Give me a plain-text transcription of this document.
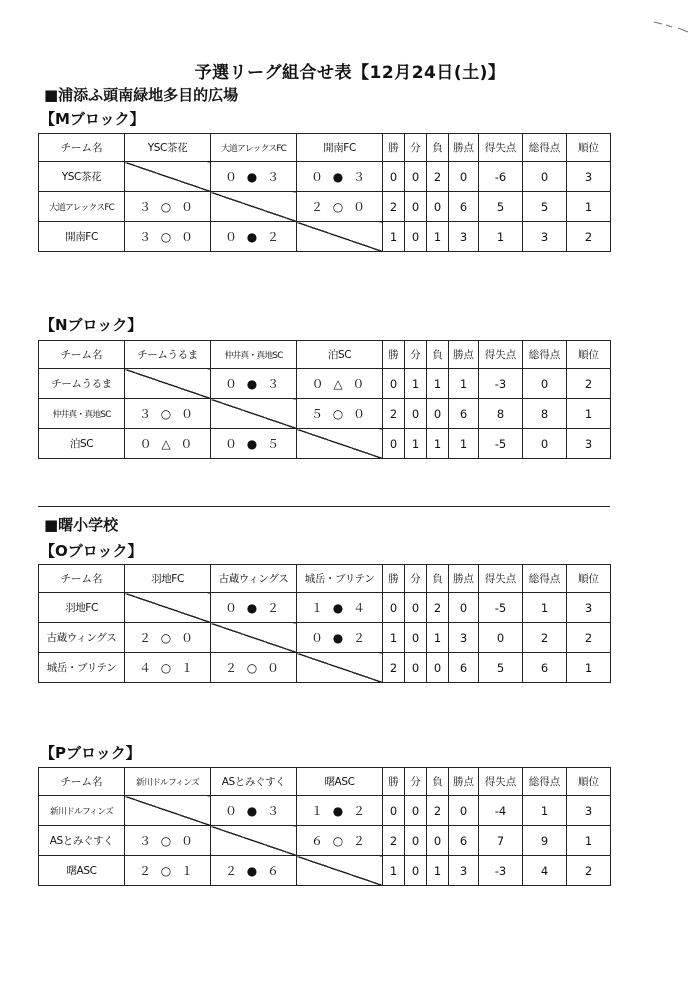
予選リーグ組合せ表【12月24日(土)】
■浦添ふ頭南緑地多目的広場
【Mブロック】
チーム名	YSC茶花	大道アレックスFC	開南FC	勝	分	負	勝点	得失点	総得点	順位
YSC茶花		０ ● ３	０ ● ３	0	0	2	0	-6	0	3
大道アレックスFC	３ ○ ０		２ ○ ０	2	0	0	6	5	5	1
開南FC	３ ○ ０	０ ● ２		1	0	1	3	1	3	2
【Nブロック】
チーム名	チームうるま	仲井真・真地SC	泊SC	勝	分	負	勝点	得失点	総得点	順位
チームうるま		０ ● ３	０ △ ０	0	1	1	1	-3	0	2
仲井真・真地SC	３ ○ ０		５ ○ ０	2	0	0	6	8	8	1
泊SC	０ △ ０	０ ● ５		0	1	1	1	-5	0	3
■曙小学校
【Oブロック】
チーム名	羽地FC	古蔵ウィングス	城岳・ブリテン	勝	分	負	勝点	得失点	総得点	順位
羽地FC		０ ● ２	１ ● ４	0	0	2	0	-5	1	3
古蔵ウィングス	２ ○ ０		０ ● ２	1	0	1	3	0	2	2
城岳・ブリテン	４ ○ １	２ ○ ０		2	0	0	6	5	6	1
【Pブロック】
チーム名	新川ドルフィンズ	ASとみぐすく	曙ASC	勝	分	負	勝点	得失点	総得点	順位
新川ドルフィンズ		０ ● ３	１ ● ２	0	0	2	0	-4	1	3
ASとみぐすく	３ ○ ０		６ ○ ２	2	0	0	6	7	9	1
曙ASC	２ ○ １	２ ● ６		1	0	1	3	-3	4	2
